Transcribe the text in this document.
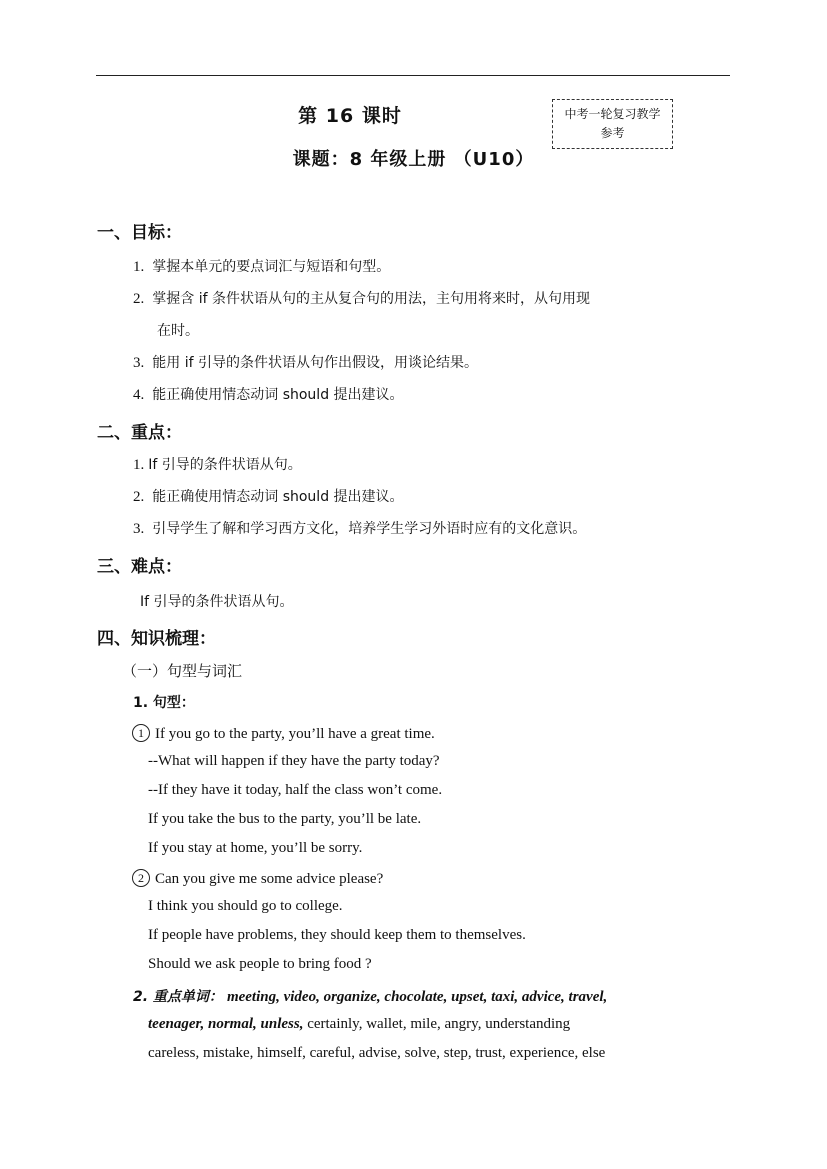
第 16 课时
课题：8 年级上册 （U10）
中考一轮复习教学
参考
一、目标：
1. 掌握本单元的要点词汇与短语和句型。
2. 掌握含 if 条件状语从句的主从复合句的用法，主句用将来时，从句用现
在时。
3. 能用 if 引导的条件状语从句作出假设，用谈论结果。
4. 能正确使用情态动词 should 提出建议。
二、重点：
1. If 引导的条件状语从句。
2. 能正确使用情态动词 should 提出建议。
3. 引导学生了解和学习西方文化，培养学生学习外语时应有的文化意识。
三、难点：
If 引导的条件状语从句。
四、知识梳理：
（一）句型与词汇
1. 句型：
1 If you go to the party, you’ll have a great time.
--What will happen if they have the party today?
--If they have it today, half the class won’t come.
If you take the bus to the party, you’ll be late.
If you stay at home, you’ll be sorry.
2 Can you give me some advice please?
I think you should go to college.
If people have problems, they should keep them to themselves.
Should we ask people to bring food ?
2. 重点单词： meeting, video, organize, chocolate, upset, taxi, advice, travel,
teenager, normal, unless, certainly, wallet, mile, angry, understanding
careless, mistake, himself, careful, advise, solve, step, trust, experience, else
